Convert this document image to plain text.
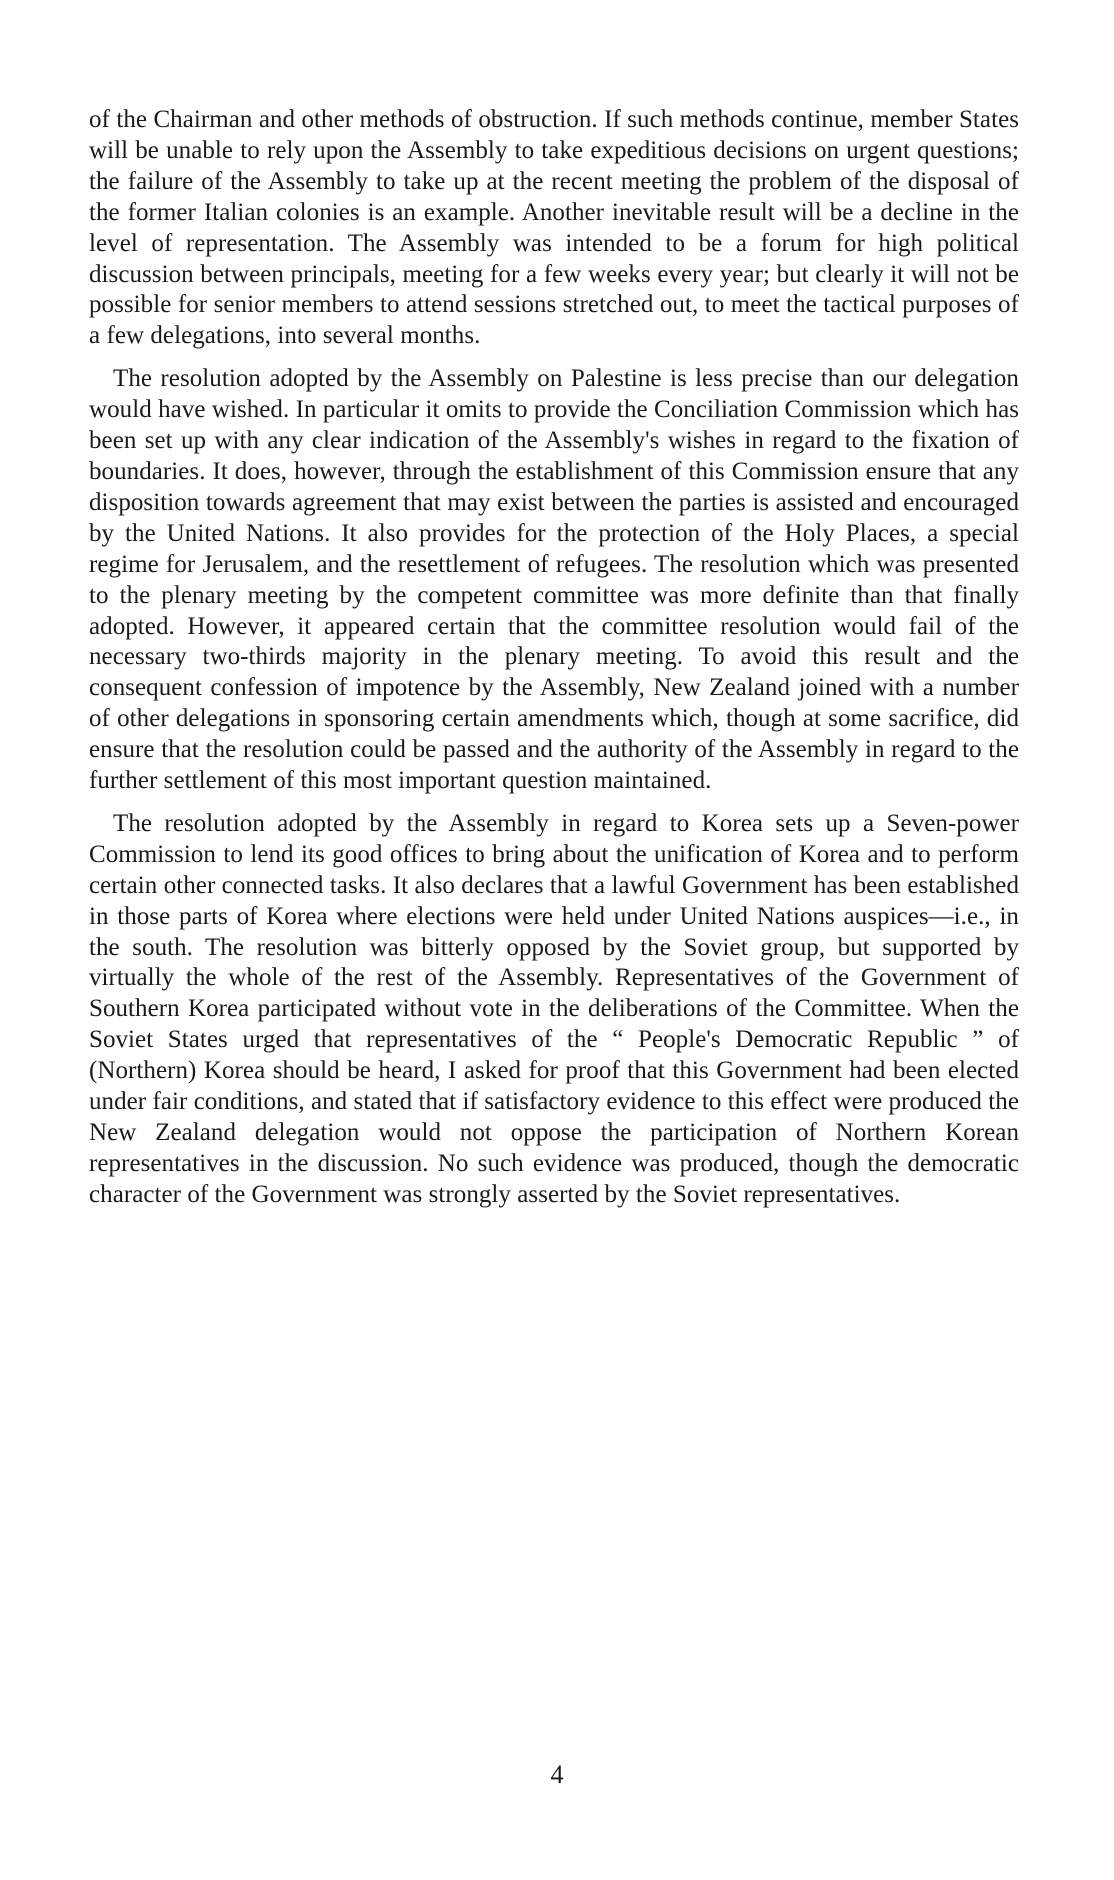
of the Chairman and other methods of obstruction. If such methods continue, member States will be unable to rely upon the Assembly to take expeditious decisions on urgent questions; the failure of the Assembly to take up at the recent meeting the problem of the disposal of the former Italian colonies is an example. Another inevitable result will be a decline in the level of representation. The Assembly was intended to be a forum for high political discussion between principals, meeting for a few weeks every year; but clearly it will not be possible for senior members to attend sessions stretched out, to meet the tactical purposes of a few delegations, into several months.

The resolution adopted by the Assembly on Palestine is less precise than our delegation would have wished. In particular it omits to provide the Conciliation Commission which has been set up with any clear indication of the Assembly's wishes in regard to the fixation of boundaries. It does, however, through the establishment of this Commission ensure that any disposition towards agreement that may exist between the parties is assisted and encouraged by the United Nations. It also provides for the protection of the Holy Places, a special regime for Jerusalem, and the resettlement of refugees. The resolution which was presented to the plenary meeting by the competent committee was more definite than that finally adopted. However, it appeared certain that the committee resolution would fail of the necessary two-thirds majority in the plenary meeting. To avoid this result and the consequent confession of impotence by the Assembly, New Zealand joined with a number of other delegations in sponsoring certain amendments which, though at some sacrifice, did ensure that the resolution could be passed and the authority of the Assembly in regard to the further settlement of this most important question maintained.

The resolution adopted by the Assembly in regard to Korea sets up a Seven-power Commission to lend its good offices to bring about the unification of Korea and to perform certain other connected tasks. It also declares that a lawful Government has been established in those parts of Korea where elections were held under United Nations auspices—i.e., in the south. The resolution was bitterly opposed by the Soviet group, but supported by virtually the whole of the rest of the Assembly. Representatives of the Government of Southern Korea participated without vote in the deliberations of the Committee. When the Soviet States urged that representatives of the “ People's Democratic Republic ” of (Northern) Korea should be heard, I asked for proof that this Government had been elected under fair conditions, and stated that if satisfactory evidence to this effect were produced the New Zealand delegation would not oppose the participation of Northern Korean representatives in the discussion. No such evidence was produced, though the democratic character of the Government was strongly asserted by the Soviet representatives.

4
